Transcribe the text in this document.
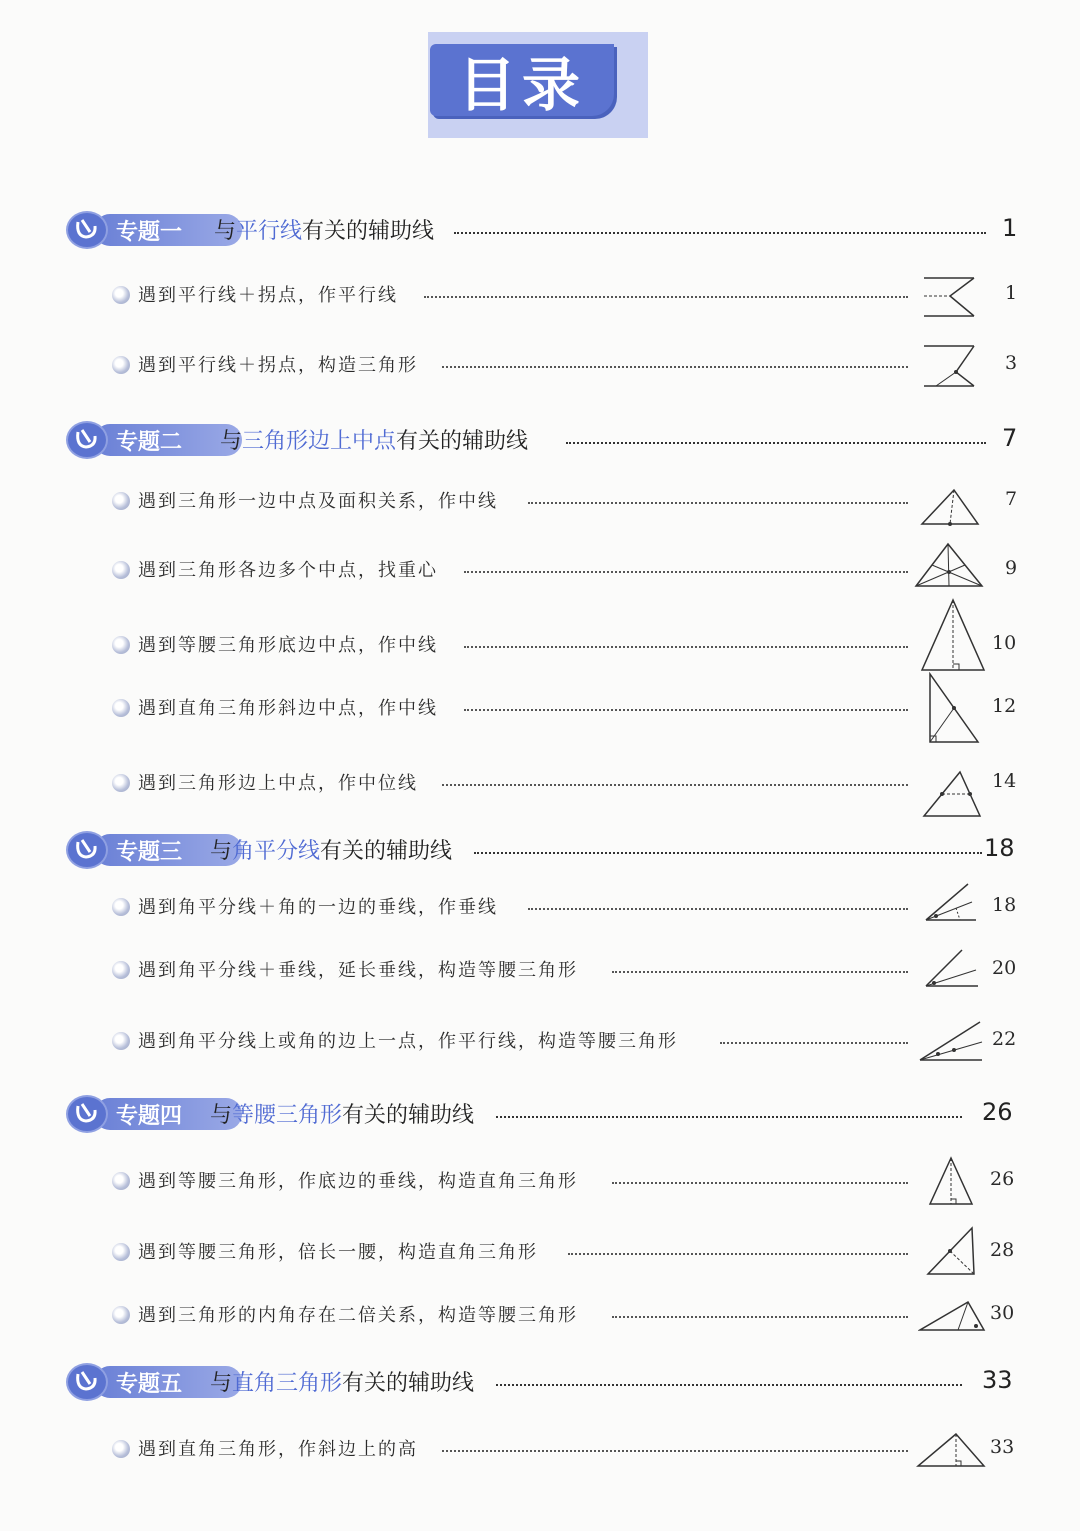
目录
专题一	与平行线有关的辅助线	1
遇到平行线＋拐点，作平行线	1
遇到平行线＋拐点，构造三角形	3
专题二	与三角形边上中点有关的辅助线	7
遇到三角形一边中点及面积关系，作中线	7
遇到三角形各边多个中点，找重心	9
遇到等腰三角形底边中点，作中线	10
遇到直角三角形斜边中点，作中线	12
遇到三角形边上中点，作中位线	14
专题三	与角平分线有关的辅助线	18
遇到角平分线＋角的一边的垂线，作垂线	18
遇到角平分线＋垂线，延长垂线，构造等腰三角形	20
遇到角平分线上或角的边上一点，作平行线，构造等腰三角形	22
专题四	与等腰三角形有关的辅助线	26
遇到等腰三角形，作底边的垂线，构造直角三角形	26
遇到等腰三角形，倍长一腰，构造直角三角形	28
遇到三角形的内角存在二倍关系，构造等腰三角形	30
专题五	与直角三角形有关的辅助线	33
遇到直角三角形，作斜边上的高	33
